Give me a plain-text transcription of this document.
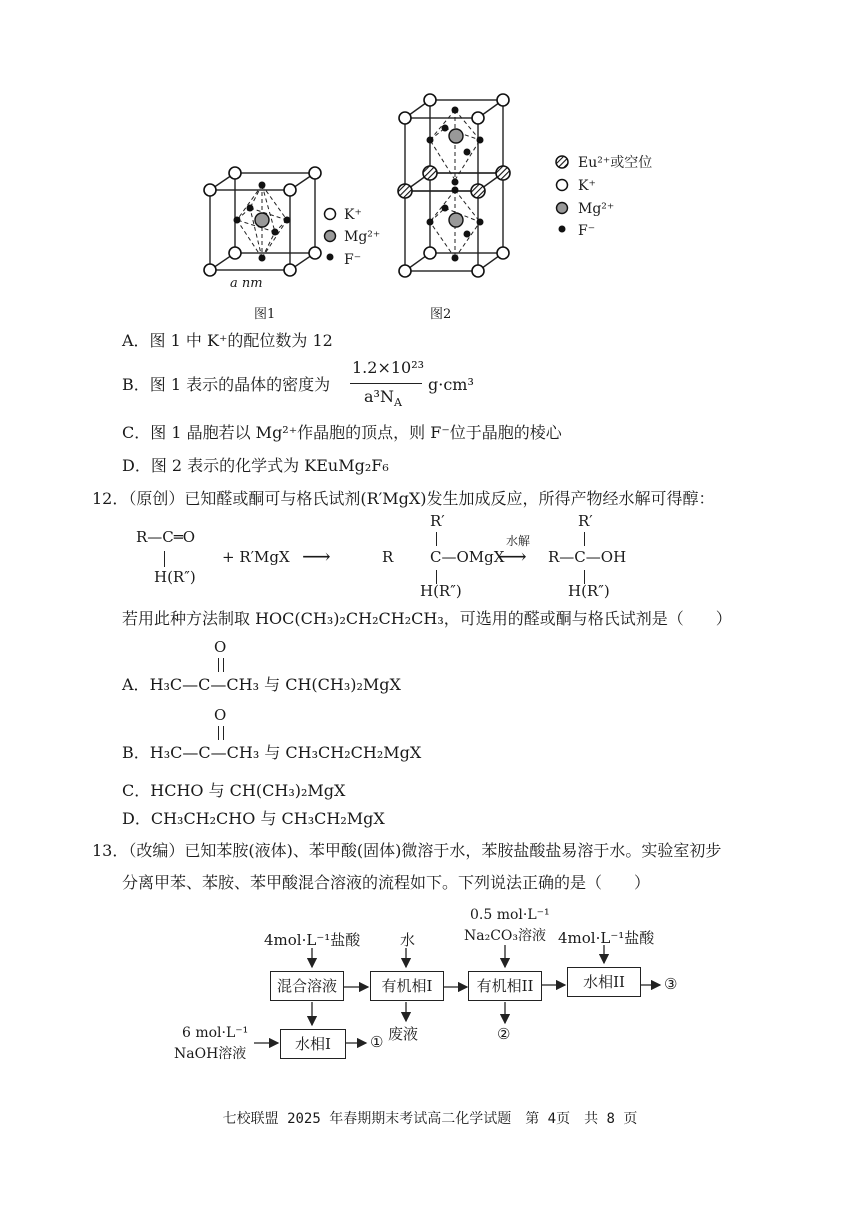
K⁺
Mg²⁺
F⁻
a nm
图1
Eu²⁺或空位
K⁺
Mg²⁺
F⁻
图2
A．图 1 中 K⁺的配位数为 12
B．图 1 表示的晶体的密度为
1.2×10²³
$a^3N_A$
g·cm³
C．图 1 晶胞若以 Mg²⁺作晶胞的顶点，则 F⁻位于晶胞的棱心
D．图 2 表示的化学式为 KEuMg₂F₆
12．（原创）已知醛或酮可与格氏试剂(R′MgX)发生加成反应，所得产物经水解可得醇：
R—C═O
H(R″)
+ R′MgX ⟶
R′
R C—OMgX
H(R″)
水解
⟶
R′
R—C—OH
H(R″)
若用此种方法制取 HOC(CH₃)₂CH₂CH₂CH₃，可选用的醛或酮与格氏试剂是（　　）
O
A．H₃C—C—CH₃ 与 CH(CH₃)₂MgX
O
B．H₃C—C—CH₃ 与 CH₃CH₂CH₂MgX
C．HCHO 与 CH(CH₃)₂MgX
D．CH₃CH₂CHO 与 CH₃CH₂MgX
13．（改编）已知苯胺(液体)、苯甲酸(固体)微溶于水，苯胺盐酸盐易溶于水。实验室初步
分离甲苯、苯胺、苯甲酸混合溶液的流程如下。下列说法正确的是（　　）
4mol·L⁻¹盐酸	水
0.5 mol·L⁻¹
Na₂CO₃溶液 4mol·L⁻¹盐酸
混合溶液	有机相I	有机相II	水相II
水相I
废液
①	②
③
6 mol·L⁻¹
NaOH溶液
七校联盟 2025 年春期期末考试高二化学试题　第 4页　共 8 页
